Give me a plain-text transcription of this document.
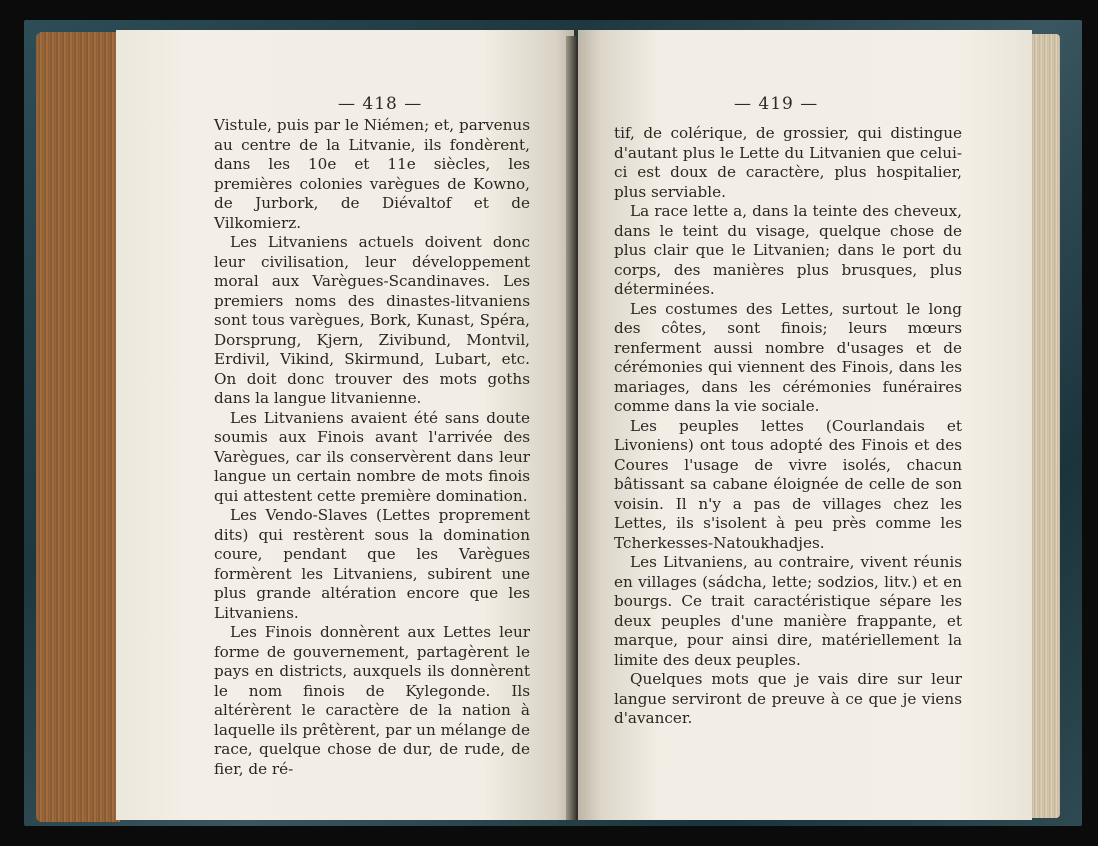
— 418 —

Vistule, puis par le Niémen; et, parvenus au centre de la Litvanie, ils fondèrent, dans les 10e et 11e siècles, les premières colonies varègues de Kowno, de Jurbork, de Diévaltof et de Vilkomierz.

Les Litvaniens actuels doivent donc leur civilisation, leur développement moral aux Varègues-Scandinaves. Les premiers noms des dinastes-litvaniens sont tous varègues, Bork, Kunast, Spéra, Dorsprung, Kjern, Zivibund, Montvil, Erdivil, Vikind, Skirmund, Lubart, etc. On doit donc trouver des mots goths dans la langue litvanienne.

Les Litvaniens avaient été sans doute soumis aux Finois avant l'arrivée des Varègues, car ils conservèrent dans leur langue un certain nombre de mots finois qui attestent cette première domination.

Les Vendo-Slaves (Lettes proprement dits) qui restèrent sous la domination coure, pendant que les Varègues formèrent les Litvaniens, subirent une plus grande altération encore que les Litvaniens.

Les Finois donnèrent aux Lettes leur forme de gouvernement, partagèrent le pays en districts, auxquels ils donnèrent le nom finois de Kylegonde. Ils altérèrent le caractère de la nation à laquelle ils prêtèrent, par un mélange de race, quelque chose de dur, de rude, de fier, de ré-

— 419 —

tif, de colérique, de grossier, qui distingue d'autant plus le Lette du Litvanien que celui-ci est doux de caractère, plus hospitalier, plus serviable.

La race lette a, dans la teinte des cheveux, dans le teint du visage, quelque chose de plus clair que le Litvanien; dans le port du corps, des manières plus brusques, plus déterminées.

Les costumes des Lettes, surtout le long des côtes, sont finois; leurs mœurs renferment aussi nombre d'usages et de cérémonies qui viennent des Finois, dans les mariages, dans les cérémonies funéraires comme dans la vie sociale.

Les peuples lettes (Courlandais et Livoniens) ont tous adopté des Finois et des Coures l'usage de vivre isolés, chacun bâtissant sa cabane éloignée de celle de son voisin. Il n'y a pas de villages chez les Lettes, ils s'isolent à peu près comme les Tcherkesses-Natoukhadjes.

Les Litvaniens, au contraire, vivent réunis en villages (sádcha, lette; sodzios, litv.) et en bourgs. Ce trait caractéristique sépare les deux peuples d'une manière frappante, et marque, pour ainsi dire, matériellement la limite des deux peuples.

Quelques mots que je vais dire sur leur langue serviront de preuve à ce que je viens d'avancer.
